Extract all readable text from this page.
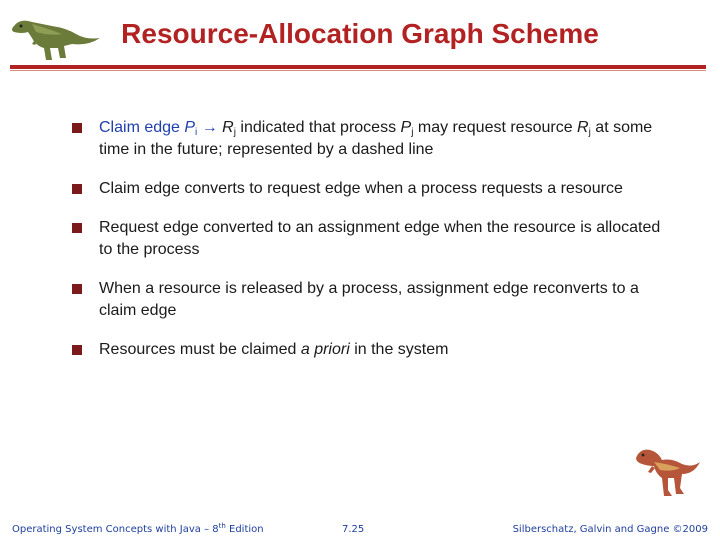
Resource-Allocation Graph Scheme
Claim edge $P_i \to R_j$ indicated that process $P_j$ may request resource $R_j$ at some time in the future; represented by a dashed line
Claim edge converts to request edge when a process requests a resource
Request edge converted to an assignment edge when the resource is allocated to the process
When a resource is released by a process, assignment edge reconverts to a claim edge
Resources must be claimed a priori in the system
Operating System Concepts with Java – 8th Edition	7.25	Silberschatz, Galvin and Gagne ©2009
